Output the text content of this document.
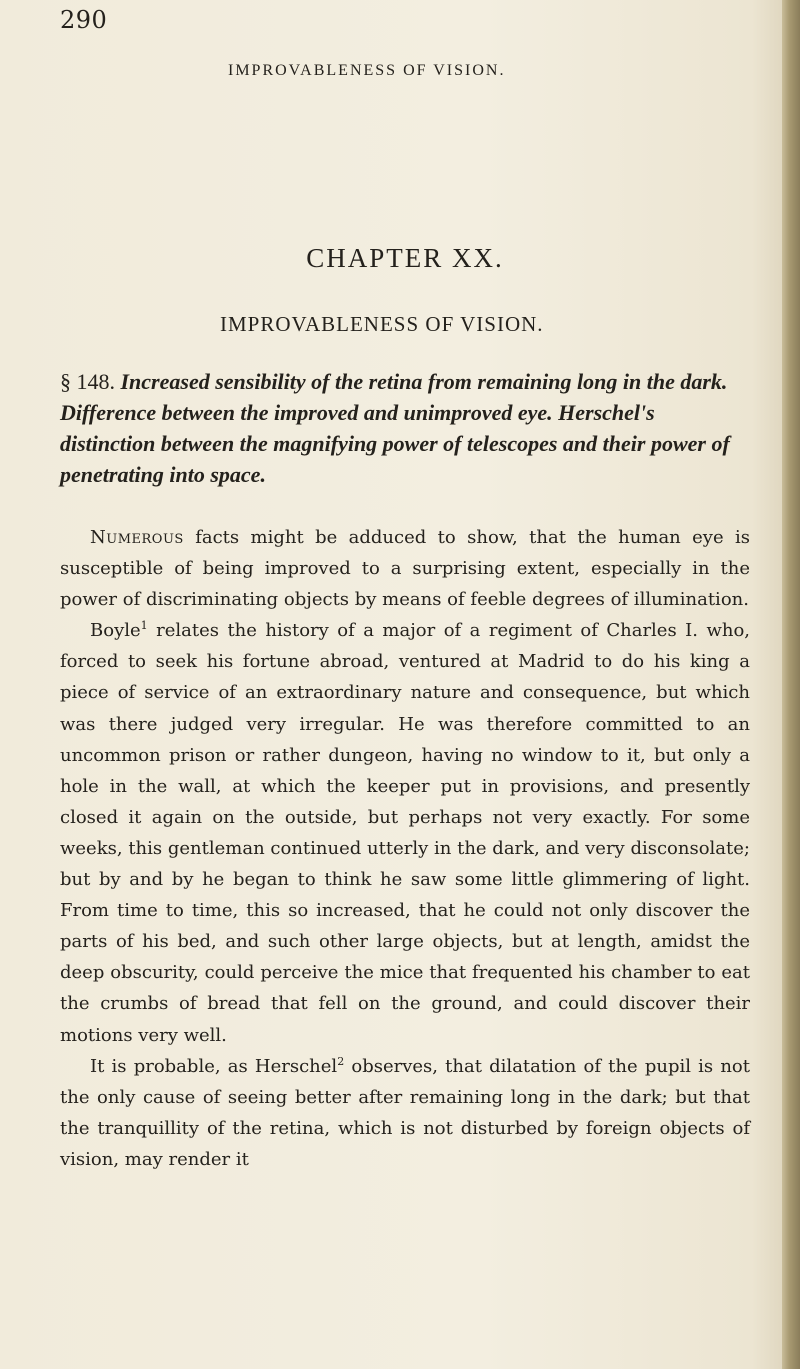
290
IMPROVABLENESS OF VISION.
CHAPTER XX.
IMPROVABLENESS OF VISION.
§ 148. Increased sensibility of the retina from remaining long in the dark. Difference between the improved and unimproved eye. Herschel's distinction between the magnifying power of telescopes and their power of penetrating into space.

Numerous facts might be adduced to show, that the human eye is susceptible of being improved to a surprising extent, especially in the power of discriminating objects by means of feeble degrees of illumination.

Boyle$^1$ relates the history of a major of a regiment of Charles I. who, forced to seek his fortune abroad, ventured at Madrid to do his king a piece of service of an extraordinary nature and consequence, but which was there judged very irregular. He was therefore committed to an uncommon prison or rather dungeon, having no window to it, but only a hole in the wall, at which the keeper put in provisions, and presently closed it again on the outside, but perhaps not very exactly. For some weeks, this gentleman continued utterly in the dark, and very disconsolate; but by and by he began to think he saw some little glimmering of light. From time to time, this so increased, that he could not only discover the parts of his bed, and such other large objects, but at length, amidst the deep obscurity, could perceive the mice that frequented his chamber to eat the crumbs of bread that fell on the ground, and could discover their motions very well.

It is probable, as Herschel$^2$ observes, that dilatation of the pupil is not the only cause of seeing better after remaining long in the dark; but that the tranquillity of the retina, which is not disturbed by foreign objects of vision, may render it
